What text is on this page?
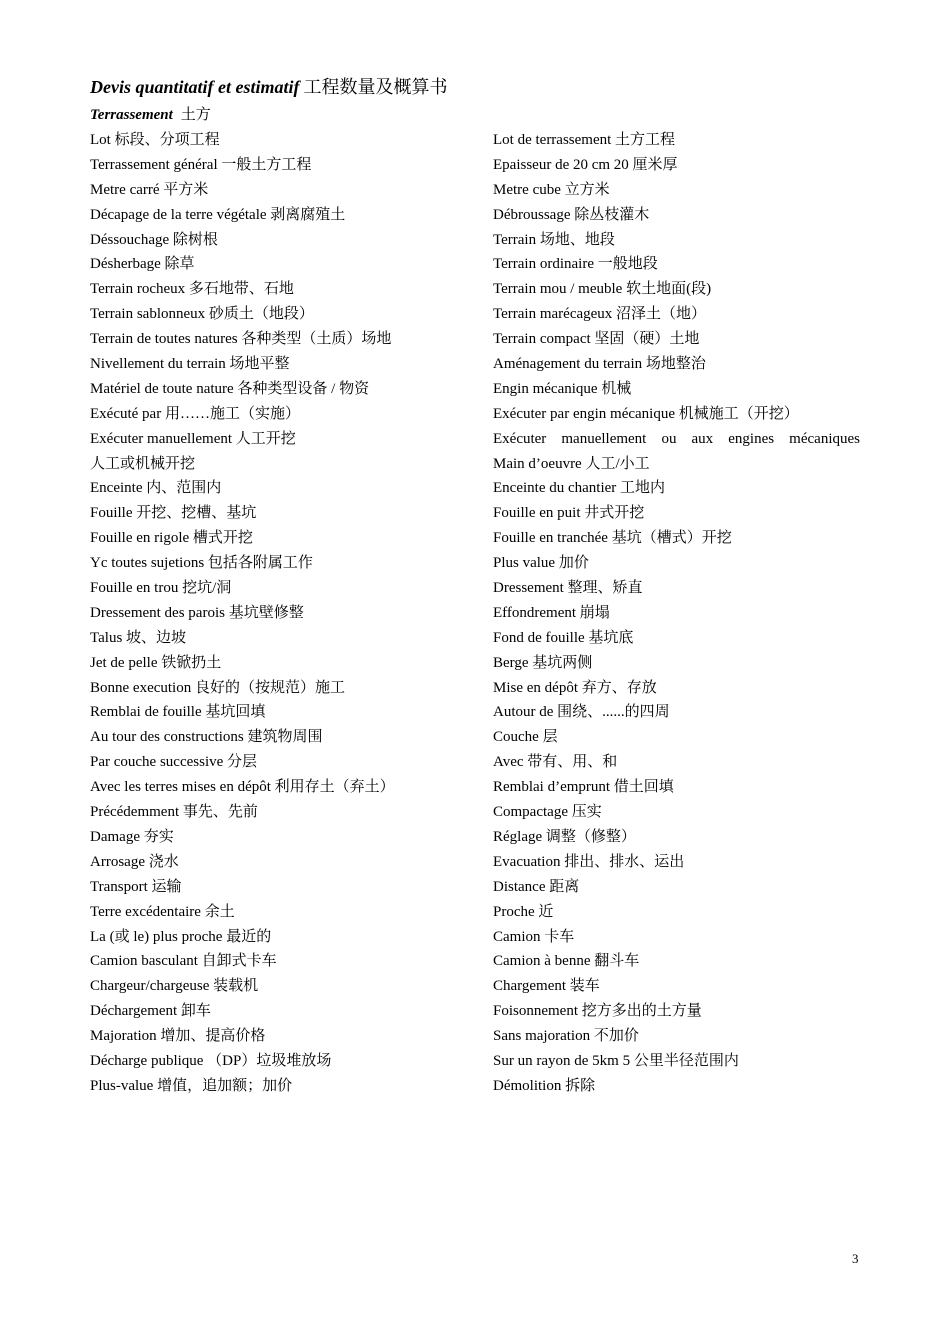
Devis quantitatif et estimatif 工程数量及概算书
Terrassement 土方
Lot 标段、分项工程
Terrassement général 一般土方工程
Metre carré 平方米
Décapage de la terre végétale 剥离腐殖土
Déssouchage 除树根
Désherbage 除草
Terrain rocheux 多石地带、石地
Terrain sablonneux 砂质土（地段）
Terrain de toutes natures 各种类型（土质）场地
Nivellement du terrain 场地平整
Matériel de toute nature 各种类型设备 / 物资
Exécuté par 用……施工（实施）
Exécuter manuellement 人工开挖
人工或机械开挖
Enceinte 内、范围内
Fouille 开挖、挖槽、基坑
Fouille en rigole 槽式开挖
Yc toutes sujetions 包括各附属工作
Fouille en trou 挖坑/洞
Dressement des parois 基坑壁修整
Talus 坡、边坡
Jet de pelle 铁锨扔土
Bonne execution 良好的（按规范）施工
Remblai de fouille 基坑回填
Au tour des constructions 建筑物周围
Par couche successive 分层
Avec les terres mises en dépôt 利用存土（弃土）
Précédemment 事先、先前
Damage 夯实
Arrosage 浇水
Transport 运输
Terre excédentaire 余土
La (或 le) plus proche 最近的
Camion basculant 自卸式卡车
Chargeur/chargeuse 装载机
Déchargement 卸车
Majoration 增加、提高价格
Décharge publique （DP）垃圾堆放场
Plus-value 增值，追加额；加价
Lot de terrassement 土方工程
Epaisseur de 20 cm 20 厘米厚
Metre cube 立方米
Débroussage 除丛枝灌木
Terrain 场地、地段
Terrain ordinaire 一般地段
Terrain mou / meuble 软土地面(段)
Terrain marécageux 沼泽土（地）
Terrain compact 坚固（硬）土地
Aménagement du terrain 场地整治
Engin mécanique 机械
Exécuter par engin mécanique 机械施工（开挖）
Exécuter manuellement ou aux engines mécaniques
Main d’oeuvre 人工/小工
Enceinte du chantier 工地内
Fouille en puit 井式开挖
Fouille en tranchée 基坑（槽式）开挖
Plus value 加价
Dressement 整理、矫直
Effondrement 崩塌
Fond de fouille 基坑底
Berge 基坑两侧
Mise en dépôt 弃方、存放
Autour de 围绕、......的四周
Couche 层
Avec 带有、用、和
Remblai d’emprunt 借土回填
Compactage 压实
Réglage 调整（修整）
Evacuation 排出、排水、运出
Distance 距离
Proche 近
Camion 卡车
Camion à benne 翻斗车
Chargement 装车
Foisonnement 挖方多出的土方量
Sans majoration 不加价
Sur un rayon de 5km 5 公里半径范围内
Démolition 拆除
3
